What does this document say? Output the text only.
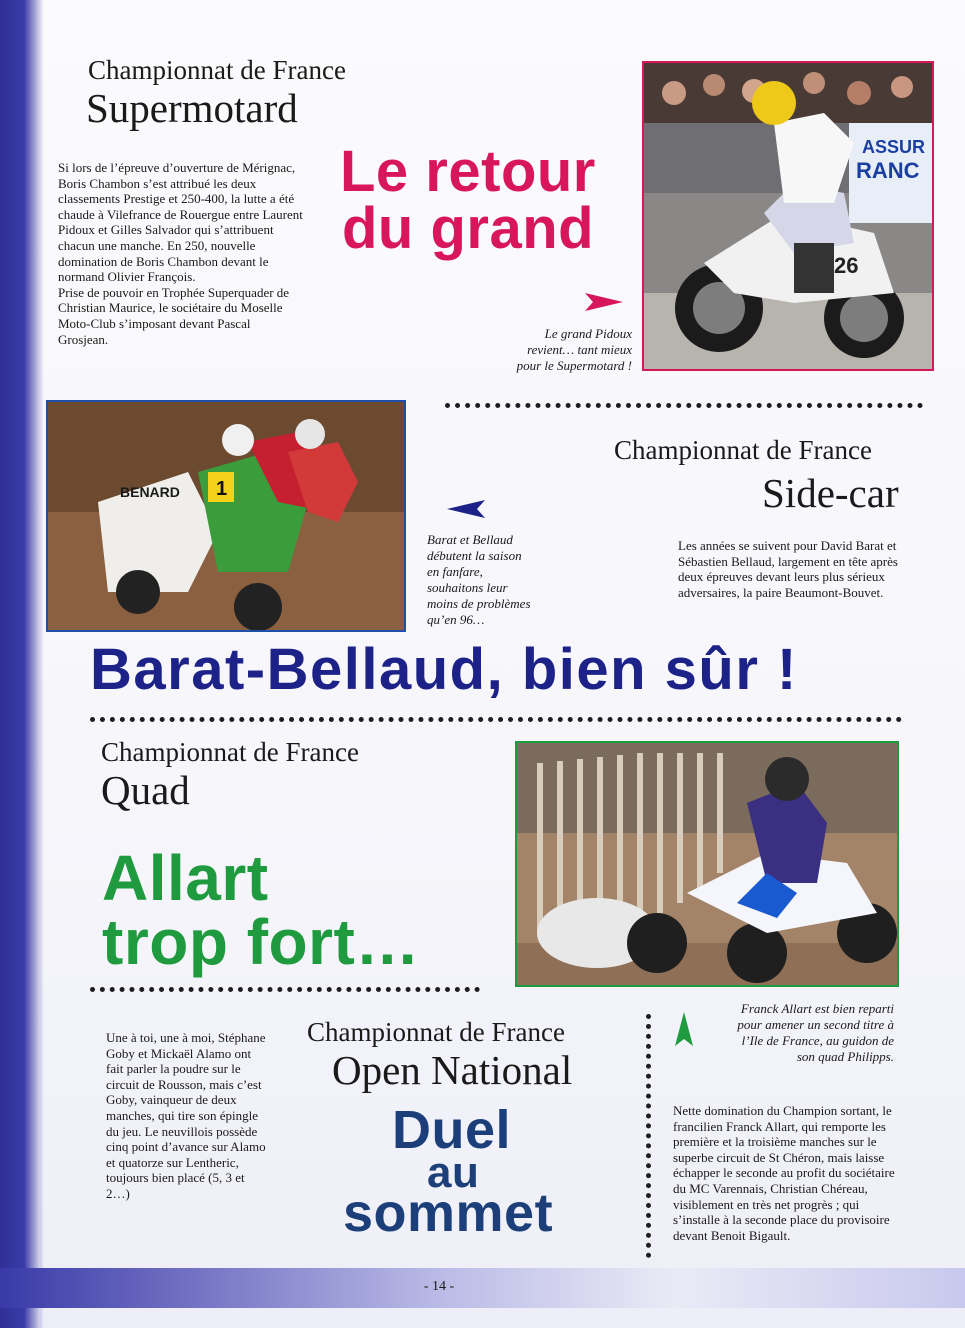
Championnat de France
Supermotard
Le retour
du grand
Si lors de l’épreuve d’ouverture de Mérignac, Boris Chambon s’est attribué les deux classements Prestige et 250-400, la lutte a été chaude à Vilefrance de Rouergue entre Laurent Pidoux et Gilles Salvador qui s’attribuent chacun une manche. En 250, nouvelle domination de Boris Chambon devant le normand Olivier François.
Prise de pouvoir en Trophée Superquader de Christian Maurice, le sociétaire du Moselle Moto-Club s’imposant devant Pascal Grosjean.	Le grand Pidoux
revient… tant mieux
pour le Supermotard !
ASSUR
RANC
26
BENARD 1
Championnat de France
Side-car
Barat et Bellaud
débutent la saison
en fanfare,
souhaitons leur
moins de problèmes
qu’en 96…
Les années se suivent pour David Barat et Sébastien Bellaud, largement en tête après deux épreuves devant leurs plus sérieux adversaires, la paire Beaumont-Bouvet.
Barat-Bellaud, bien sûr !
Championnat de France
Quad
Allart
trop fort…
Une à toi, une à moi, Stéphane Goby et Mickaël Alamo ont fait parler la poudre sur le circuit de Rousson, mais c’est Goby, vainqueur de deux manches, qui tire son épingle du jeu. Le neuvillois possède cinq point d’avance sur Alamo et quatorze sur Lentheric, toujours bien placé (5, 3 et 2…)
Championnat de France
Open National
Duel
au
sommet
Franck Allart est bien reparti
pour amener un second titre à
l’Ile de France, au guidon de
son quad Philipps.
Nette domination du Champion sortant, le francilien Franck Allart, qui remporte les première et la troisième manches sur le superbe circuit de St Chéron, mais laisse échapper le seconde au profit du sociétaire du MC Varennais, Christian Chéreau, visiblement en très net progrès ; qui s’installe à la seconde place du provisoire devant Benoit Bigault.
- 14 -
